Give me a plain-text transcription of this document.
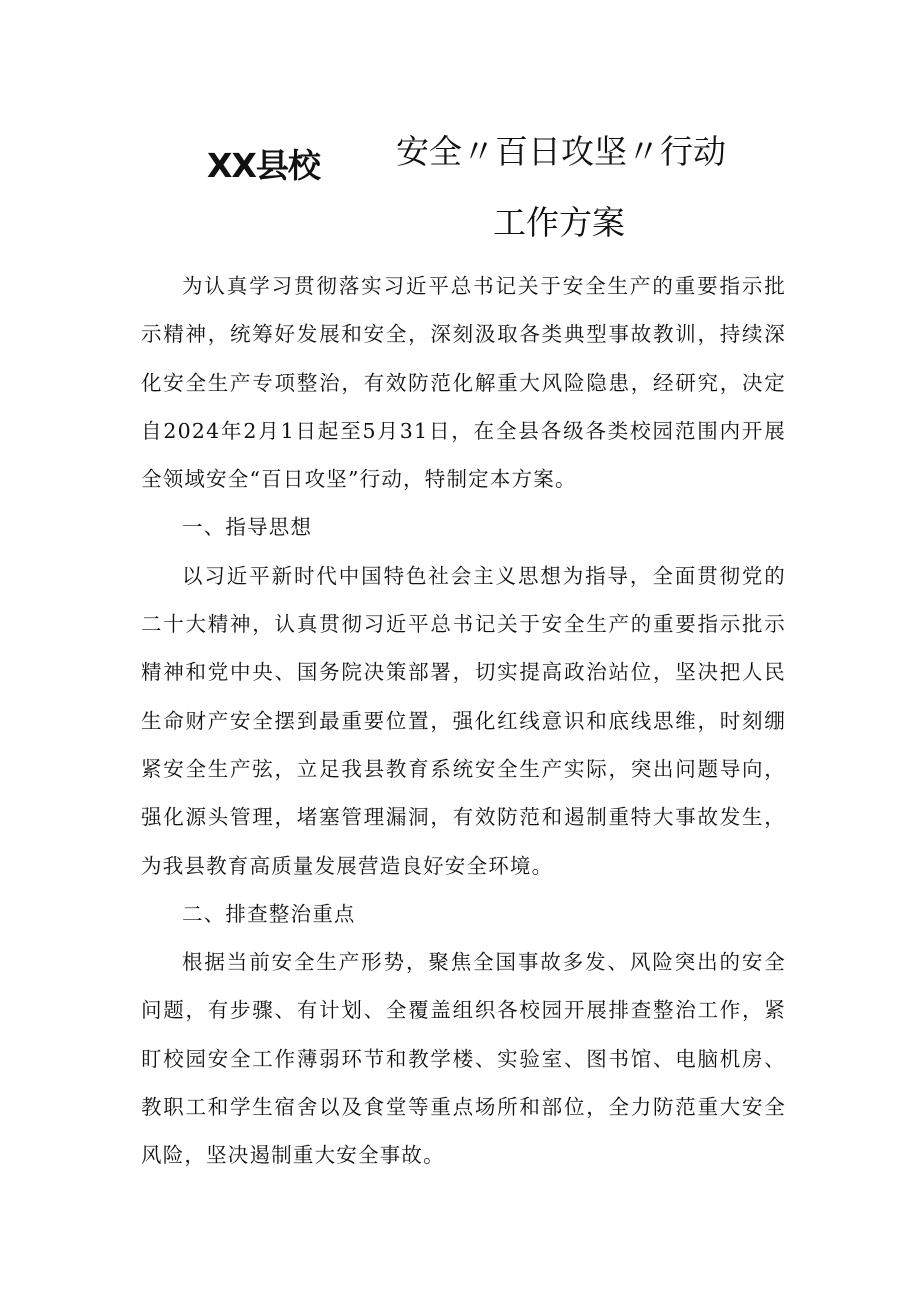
XX县校 安全〃百日攻坚〃行动
工作方案

为认真学习贯彻落实习近平总书记关于安全生产的重要指示批示精神，统筹好发展和安全，深刻汲取各类典型事故教训，持续深化安全生产专项整治，有效防范化解重大风险隐患，经研究，决定自2024年2月1日起至5月31日，在全县各级各类校园范围内开展全领域安全“百日攻坚”行动，特制定本方案。

一、指导思想

以习近平新时代中国特色社会主义思想为指导，全面贯彻党的二十大精神，认真贯彻习近平总书记关于安全生产的重要指示批示精神和党中央、国务院决策部署，切实提高政治站位，坚决把人民生命财产安全摆到最重要位置，强化红线意识和底线思维，时刻绷紧安全生产弦，立足我县教育系统安全生产实际，突出问题导向，强化源头管理，堵塞管理漏洞，有效防范和遏制重特大事故发生，为我县教育高质量发展营造良好安全环境。

二、排查整治重点

根据当前安全生产形势，聚焦全国事故多发、风险突出的安全问题，有步骤、有计划、全覆盖组织各校园开展排查整治工作，紧盯校园安全工作薄弱环节和教学楼、实验室、图书馆、电脑机房、教职工和学生宿舍以及食堂等重点场所和部位，全力防范重大安全风险，坚决遏制重大安全事故。
